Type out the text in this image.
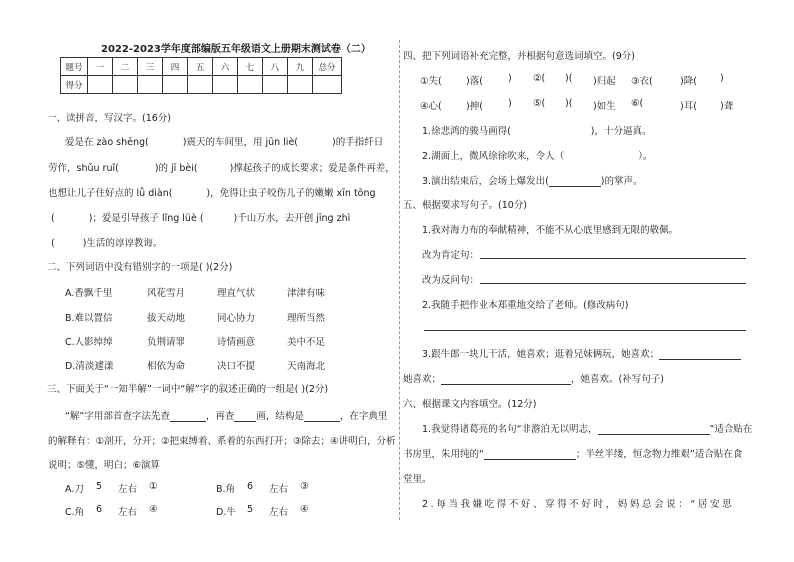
2022-2023学年度部编版五年级语文上册期末测试卷（二）
题号	一	二	三	四	五	六	七	八	九	总分
得分										
一、读拼音，写汉字。(16分)
爱是在 zào shēng(	)震天的车间里，用 jūn liè(	)的手指纤日
劳作，shǔu ruǐ(	)的 jī bèi(	)撑起孩子的成长要求；爱是条件再差，
也想让儿子住好点的 lǚ diàn(	)，免得让虫子咬伤儿子的嫩嫩 xīn tōng
(	)；爱是引导孩子 lǐng lüè (	)千山万水，去开创 jīng zhì
(	)生活的谆谆教诲。
二、下列词语中没有错别字的一项是( )(2分)
A.香飘千里	风花雪月	理直气状	津津有味
B.难以置信	拔天动地	同心协力	理所当然
C.人影绰绰	负荆请罪	诗情画意	美中不足
D.清淡遽漾	相依为命	决口不提	天南海北
三、下面关于“一知半解”一词中“解”字的叙述正确的一组是( )(2分)
“解”字用部首查字法先查	，再查 画，结构是	，在字典里
的解释有：①剖开，分开；②把束缚着、系着的东西打开；③除去；④讲明白，分析
说明；⑤懂，明白；⑥演算
A.刀 5 左右 ①	B.角 6 左右 ③
C.角 6 左右 ④	D.牛 5 左右 ④
四、把下列词语补充完整，并根据句意选词填空。(9分)
①失(	)落(	) ②( )( )归起 ③衣(	)降( )
④心(	)抻(	) ⑤( )( )如生 ⑥(	)耳( )聋
1.徐悲鸿的骏马画得(	)，十分逼真。
2.湖面上，微风徐徐吹来，令人（	）。
3.演出结束后，会场上爆发出(	)的掌声。
五、根据要求写句子。(10分)
1.我对海力布的奉献精神，不能不从心底里感到无限的敬佩。
改为肯定句：
改为反问句：
2.我随手把作业本郑重地交给了老师。(修改病句)
3.跟牛郎一块儿干活，她喜欢；逛着兄妹俩玩，她喜欢；
她喜欢；	，她喜欢。(补写句子)
六、根据课文内容填空。(12分)
1.我觉得诸葛亮的名句“非澹泊无以明志，	”适合贴在
书房里，朱用纯的“	；半丝半缕，恒念物力维艰”适合贴在食
堂里。
2.每当我嫌吃得不好、穿得不好时，妈妈总会说：“居安思
